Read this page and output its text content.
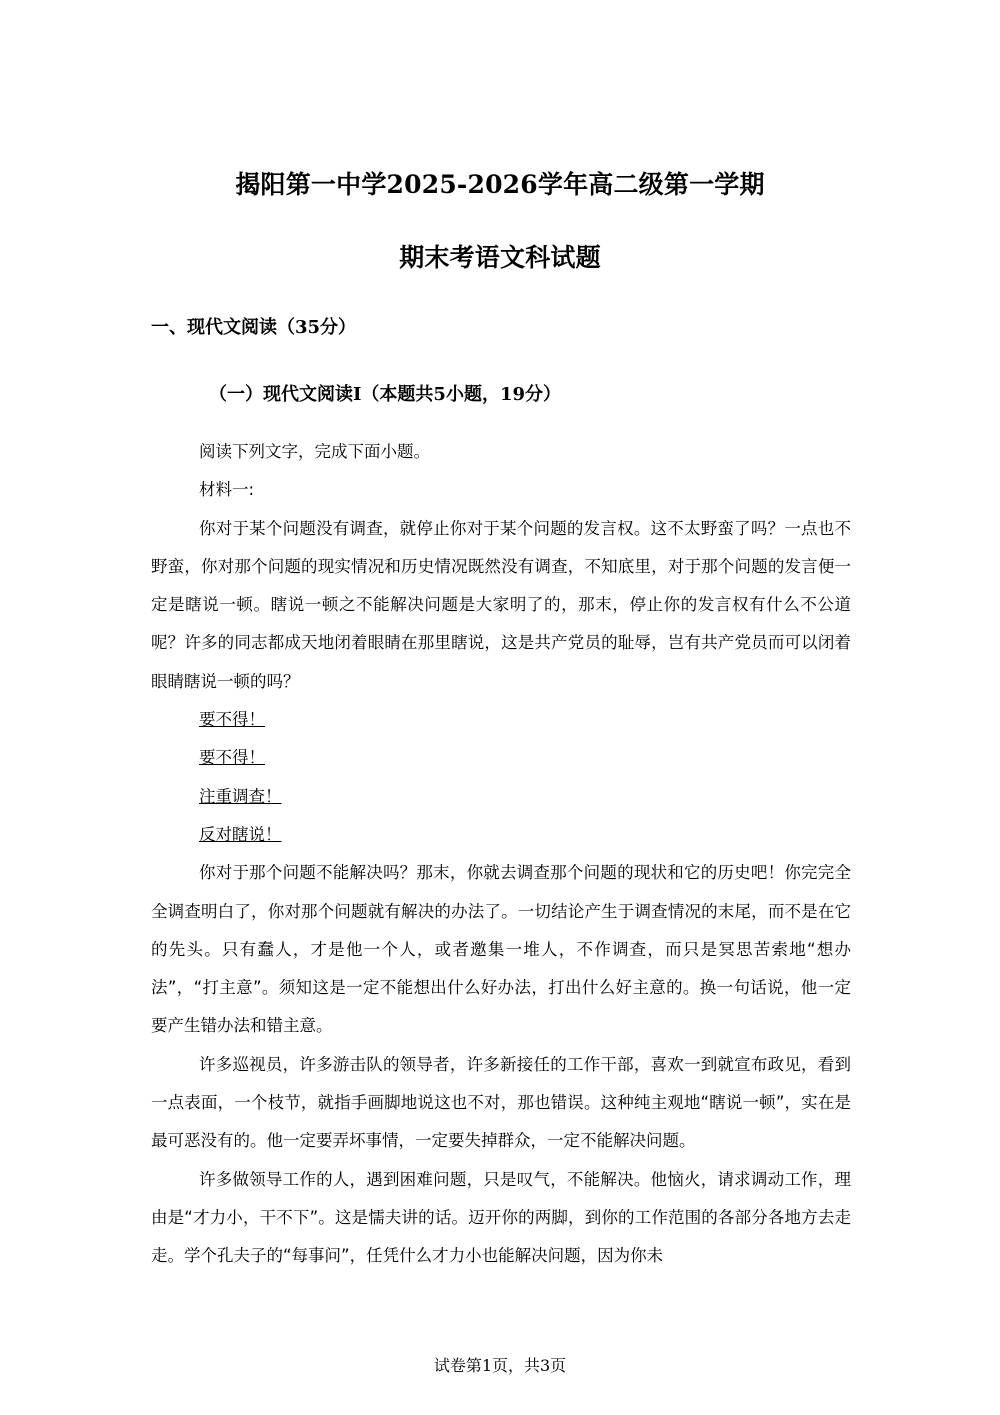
揭阳第一中学2025-2026学年高二级第一学期
期末考语文科试题
一、现代文阅读（35分）
（一）现代文阅读Ⅰ（本题共5小题，19分）

阅读下列文字，完成下面小题。

材料一:

你对于某个问题没有调查，就停止你对于某个问题的发言权。这不太野蛮了吗？一点也不野蛮，你对那个问题的现实情况和历史情况既然没有调查，不知底里，对于那个问题的发言便一定是瞎说一顿。瞎说一顿之不能解决问题是大家明了的，那末，停止你的发言权有什么不公道呢？许多的同志都成天地闭着眼睛在那里瞎说，这是共产党员的耻辱，岂有共产党员而可以闭着眼睛瞎说一顿的吗？

要不得！

要不得！

注重调查！

反对瞎说！

你对于那个问题不能解决吗？那末，你就去调查那个问题的现状和它的历史吧！你完完全全调查明白了，你对那个问题就有解决的办法了。一切结论产生于调查情况的末尾，而不是在它的先头。只有蠢人，才是他一个人，或者邀集一堆人，不作调查，而只是冥思苦索地“想办法”，“打主意”。须知这是一定不能想出什么好办法，打出什么好主意的。换一句话说，他一定要产生错办法和错主意。

许多巡视员，许多游击队的领导者，许多新接任的工作干部，喜欢一到就宣布政见，看到一点表面，一个枝节，就指手画脚地说这也不对，那也错误。这种纯主观地“瞎说一顿”，实在是最可恶没有的。他一定要弄坏事情，一定要失掉群众，一定不能解决问题。

许多做领导工作的人，遇到困难问题，只是叹气，不能解决。他恼火，请求调动工作，理由是“才力小，干不下”。这是懦夫讲的话。迈开你的两脚，到你的工作范围的各部分各地方去走走。学个孔夫子的“每事问”，任凭什么才力小也能解决问题，因为你未

试卷第1页，共3页
